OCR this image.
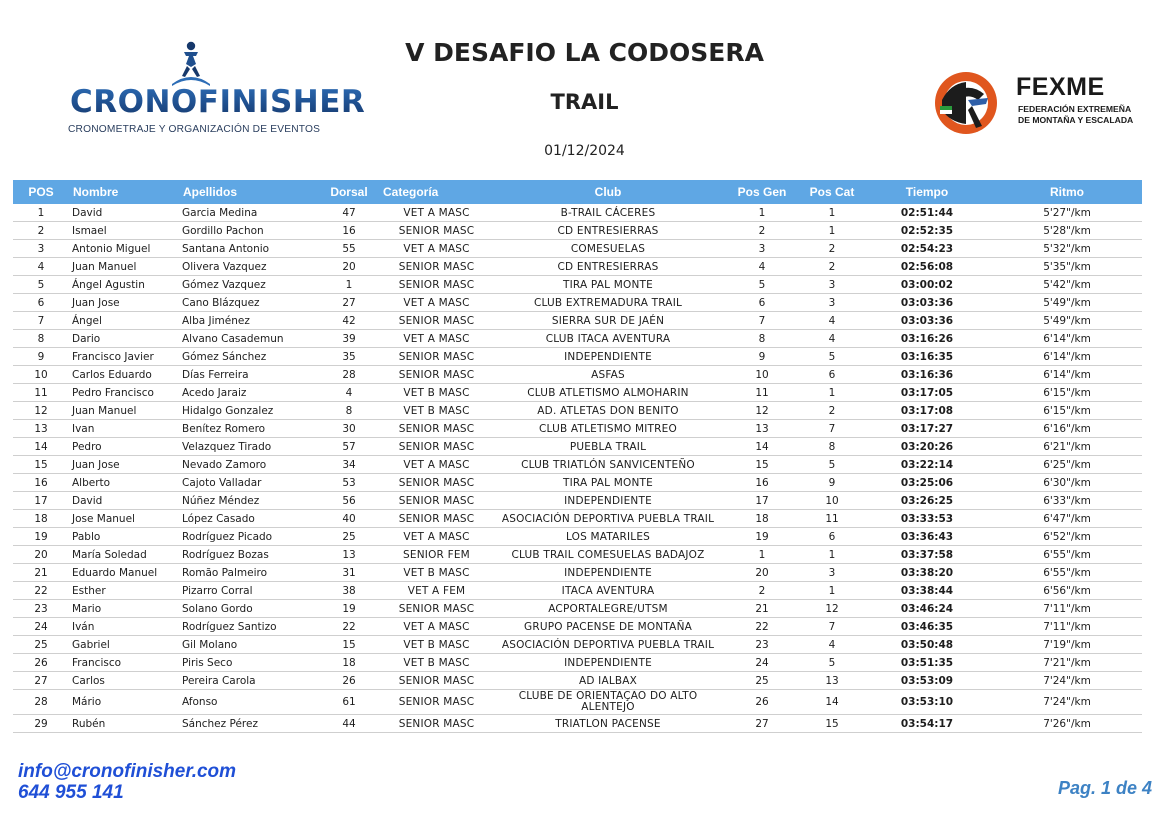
CRONOFINISHER
CRONOMETRAJE Y ORGANIZACIÓN DE EVENTOS
V DESAFIO LA CODOSERA
TRAIL
01/12/2024
FEXME
FEDERACIÓN EXTREMEÑA
DE MONTAÑA Y ESCALADA
POS	Nombre	Apellidos	Dorsal	Categoría	Club	Pos Gen	Pos Cat	Tiempo	Ritmo
1	David	Garcia Medina	47	VET A MASC	B-TRAIL CÁCERES	1	1	02:51:44	5'27"/km
2	Ismael	Gordillo Pachon	16	SENIOR MASC	CD ENTRESIERRAS	2	1	02:52:35	5'28"/km
3	Antonio Miguel	Santana Antonio	55	VET A MASC	COMESUELAS	3	2	02:54:23	5'32"/km
4	Juan Manuel	Olivera Vazquez	20	SENIOR MASC	CD ENTRESIERRAS	4	2	02:56:08	5'35"/km
5	Ángel Agustin	Gómez Vazquez	1	SENIOR MASC	TIRA PAL MONTE	5	3	03:00:02	5'42"/km
6	Juan Jose	Cano Blázquez	27	VET A MASC	CLUB EXTREMADURA TRAIL	6	3	03:03:36	5'49"/km
7	Ángel	Alba Jiménez	42	SENIOR MASC	SIERRA SUR DE JAÉN	7	4	03:03:36	5'49"/km
8	Dario	Alvano Casademun	39	VET A MASC	CLUB ITACA AVENTURA	8	4	03:16:26	6'14"/km
9	Francisco Javier	Gómez Sánchez	35	SENIOR MASC	INDEPENDIENTE	9	5	03:16:35	6'14"/km
10	Carlos Eduardo	Días Ferreira	28	SENIOR MASC	ASFAS	10	6	03:16:36	6'14"/km
11	Pedro Francisco	Acedo Jaraiz	4	VET B MASC	CLUB ATLETISMO ALMOHARIN	11	1	03:17:05	6'15"/km
12	Juan Manuel	Hidalgo Gonzalez	8	VET B MASC	AD. ATLETAS DON BENITO	12	2	03:17:08	6'15"/km
13	Ivan	Benítez Romero	30	SENIOR MASC	CLUB ATLETISMO MITREO	13	7	03:17:27	6'16"/km
14	Pedro	Velazquez Tirado	57	SENIOR MASC	PUEBLA TRAIL	14	8	03:20:26	6'21"/km
15	Juan Jose	Nevado Zamoro	34	VET A MASC	CLUB TRIATLÓN SANVICENTEÑO	15	5	03:22:14	6'25"/km
16	Alberto	Cajoto Valladar	53	SENIOR MASC	TIRA PAL MONTE	16	9	03:25:06	6'30"/km
17	David	Núñez Méndez	56	SENIOR MASC	INDEPENDIENTE	17	10	03:26:25	6'33"/km
18	Jose Manuel	López Casado	40	SENIOR MASC	ASOCIACIÓN DEPORTIVA PUEBLA TRAIL	18	11	03:33:53	6'47"/km
19	Pablo	Rodríguez Picado	25	VET A MASC	LOS MATARILES	19	6	03:36:43	6'52"/km
20	María Soledad	Rodríguez Bozas	13	SENIOR FEM	CLUB TRAIL COMESUELAS BADAJOZ	1	1	03:37:58	6'55"/km
21	Eduardo Manuel	Romão Palmeiro	31	VET B MASC	INDEPENDIENTE	20	3	03:38:20	6'55"/km
22	Esther	Pizarro Corral	38	VET A FEM	ITACA AVENTURA	2	1	03:38:44	6'56"/km
23	Mario	Solano Gordo	19	SENIOR MASC	ACPORTALEGRE/UTSM	21	12	03:46:24	7'11"/km
24	Iván	Rodríguez Santizo	22	VET A MASC	GRUPO PACENSE DE MONTAÑA	22	7	03:46:35	7'11"/km
25	Gabriel	Gil Molano	15	VET B MASC	ASOCIACIÓN DEPORTIVA PUEBLA TRAIL	23	4	03:50:48	7'19"/km
26	Francisco	Piris Seco	18	VET B MASC	INDEPENDIENTE	24	5	03:51:35	7'21"/km
27	Carlos	Pereira Carola	26	SENIOR MASC	AD IALBAX	25	13	03:53:09	7'24"/km
28	Mário	Afonso	61	SENIOR MASC	CLUBE DE ORIENTAÇÃO DO ALTO ALENTEJO	26	14	03:53:10	7'24"/km
29	Rubén	Sánchez Pérez	44	SENIOR MASC	TRIATLON PACENSE	27	15	03:54:17	7'26"/km
info@cronofinisher.com
644 955 141	Pag. 1 de 4
